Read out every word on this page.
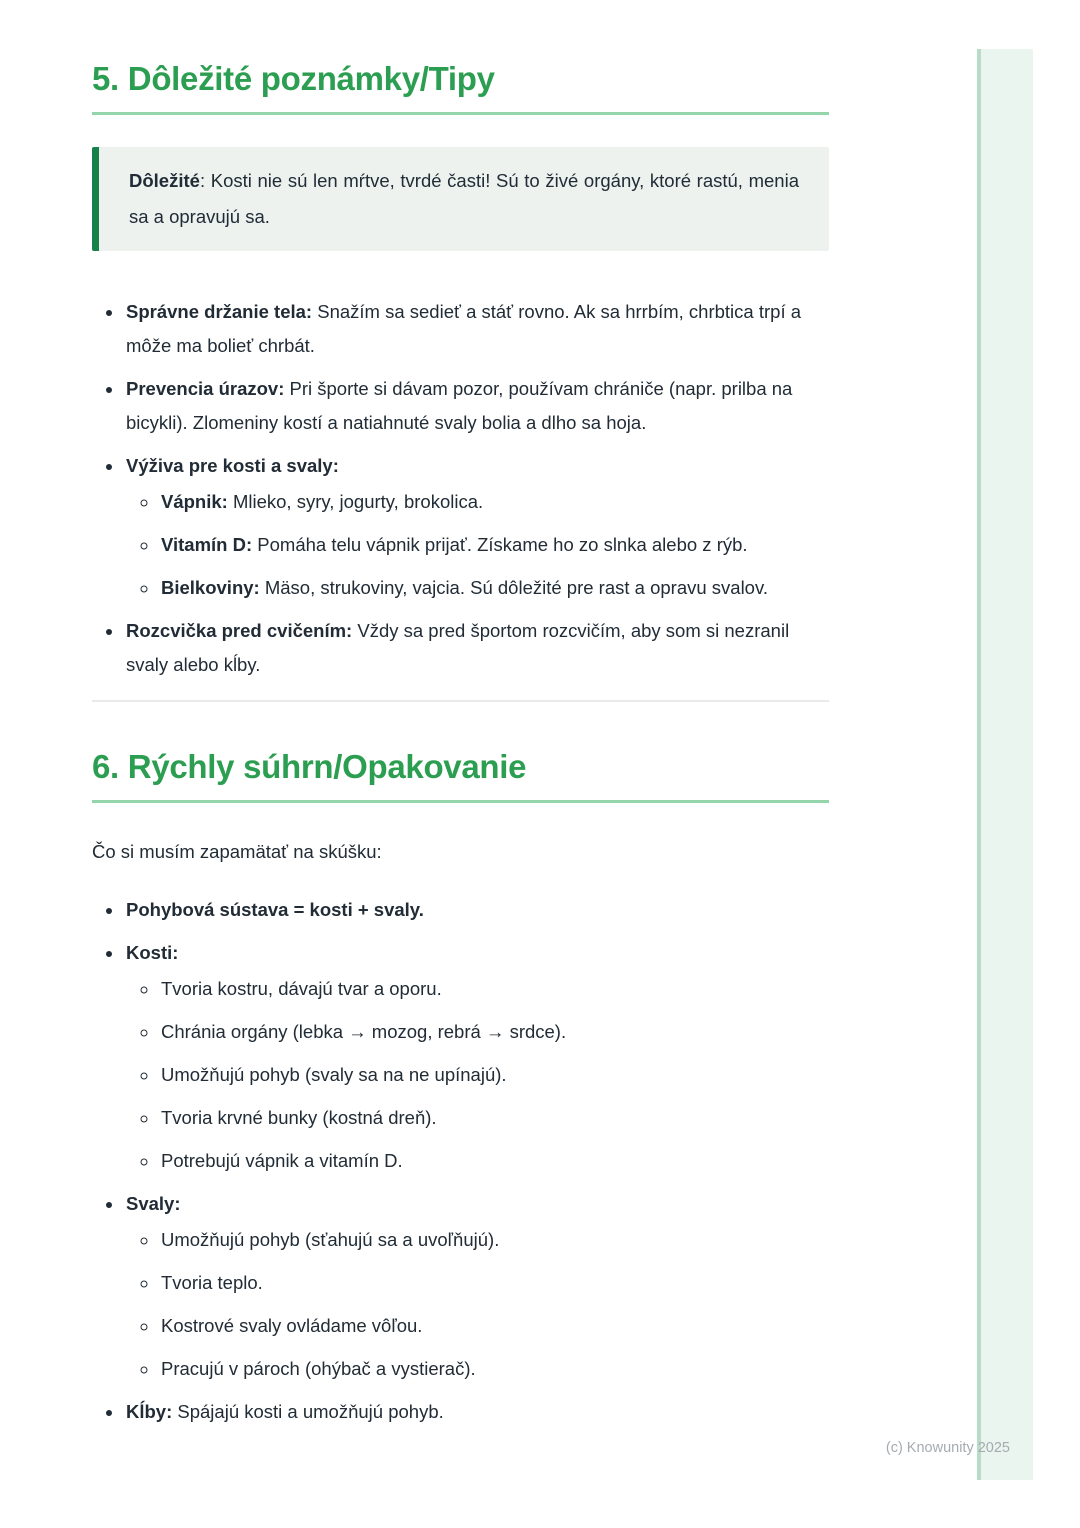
5. Dôležité poznámky/Tipy

Dôležité: Kosti nie sú len mŕtve, tvrdé časti! Sú to živé orgány, ktoré rastú, menia sa a opravujú sa.

• Správne držanie tela: Snažím sa sedieť a stáť rovno. Ak sa hrrbím, chrbtica trpí a môže ma bolieť chrbát.
• Prevencia úrazov: Pri športe si dávam pozor, používam chrániče (napr. prilba na bicykli). Zlomeniny kostí a natiahnuté svaly bolia a dlho sa hoja.
• Výživa pre kosti a svaly:
◦ Vápnik: Mlieko, syry, jogurty, brokolica.
◦ Vitamín D: Pomáha telu vápnik prijať. Získame ho zo slnka alebo z rýb.
◦ Bielkoviny: Mäso, strukoviny, vajcia. Sú dôležité pre rast a opravu svalov.
• Rozcvička pred cvičením: Vždy sa pred športom rozcvičím, aby som si nezranil svaly alebo kĺby.
6. Rýchly súhrn/Opakovanie

Čo si musím zapamätať na skúšku:

• Pohybová sústava = kosti + svaly.
• Kosti:
◦ Tvoria kostru, dávajú tvar a oporu.
◦ Chránia orgány (lebka → mozog, rebrá → srdce).
◦ Umožňujú pohyb (svaly sa na ne upínajú).
◦ Tvoria krvné bunky (kostná dreň).
◦ Potrebujú vápnik a vitamín D.
• Svaly:
◦ Umožňujú pohyb (sťahujú sa a uvoľňujú).
◦ Tvoria teplo.
◦ Kostrové svaly ovládame vôľou.
◦ Pracujú v pároch (ohýbač a vystierač).
• Kĺby: Spájajú kosti a umožňujú pohyb.
(c) Knowunity 2025
